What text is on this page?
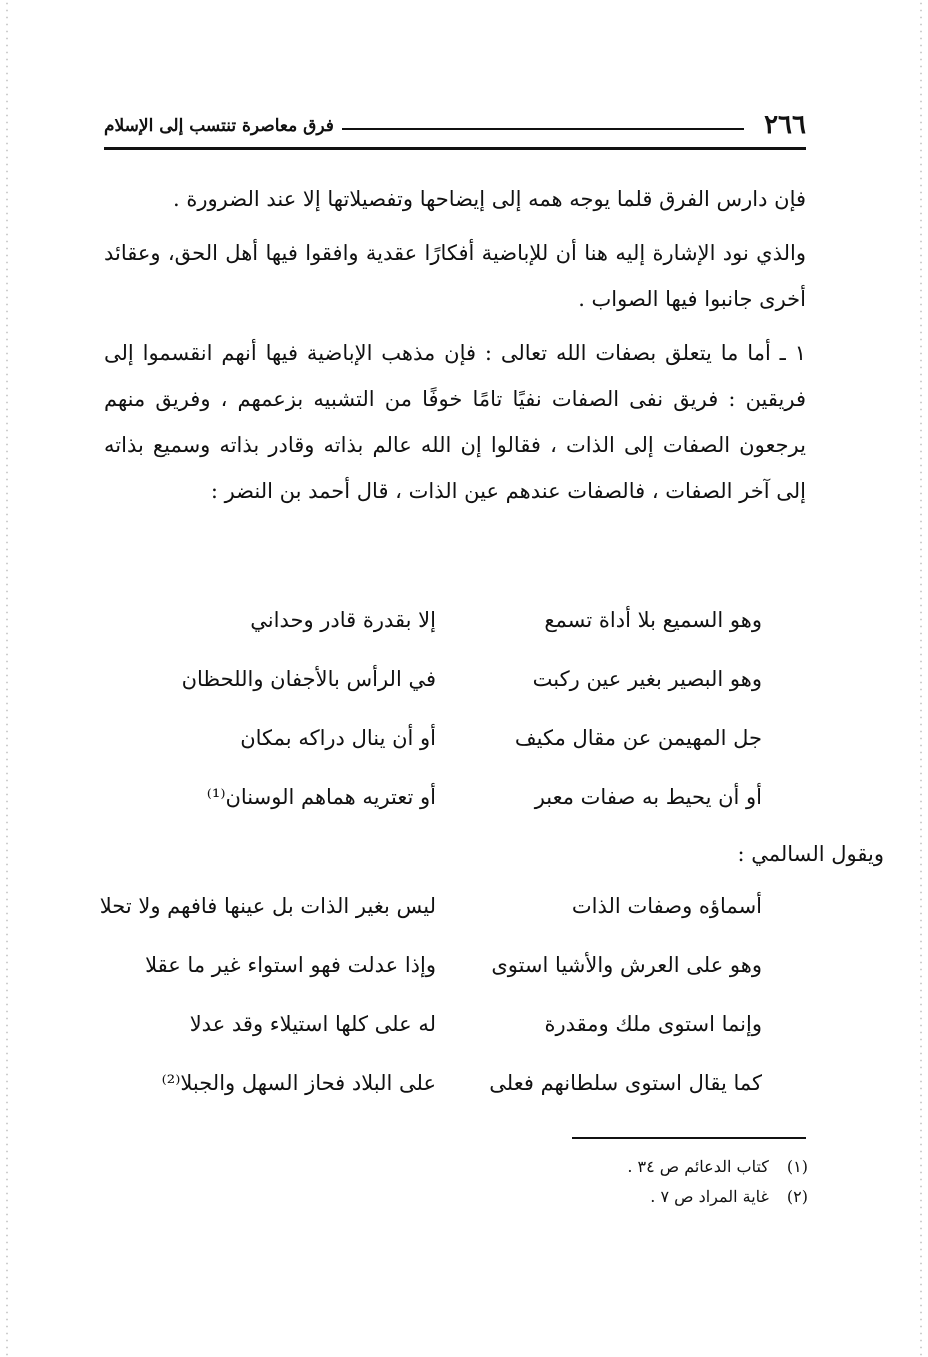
٢٦٦
فرق معاصرة تنتسب إلى الإسلام

فإن دارس الفرق قلما يوجه همه إلى إيضاحها وتفصيلاتها إلا عند الضرورة .

والذي نود الإشارة إليه هنا أن للإباضية أفكارًا عقدية وافقوا فيها أهل الحق، وعقائد أخرى جانبوا فيها الصواب .

١ ـ أما ما يتعلق بصفات الله تعالى : فإن مذهب الإباضية فيها أنهم انقسموا إلى فريقين : فريق نفى الصفات نفيًا تامًا خوفًا من التشبيه بزعمهم ، وفريق منهم يرجعون الصفات إلى الذات ، فقالوا إن الله عالم بذاته وقادر بذاته وسميع بذاته إلى آخر الصفات ، فالصفات عندهم عين الذات ، قال أحمد بن النضر :

وهو السميع بلا أداة تسمع
إلا بقدرة قادر وحداني
وهو البصير بغير عين ركبت
في الرأس بالأجفان واللحظان
جل المهيمن عن مقال مكيف
أو أن ينال دراكه بمكان
أو أن يحيط به صفات معبر
أو تعتريه هماهم الوسنان⁽¹⁾
ويقول السالمي :
أسماؤه وصفات الذات
ليس بغير الذات بل عينها فافهم ولا تحلا
وهو على العرش والأشيا استوى
وإذا عدلت فهو استواء غير ما عقلا
وإنما استوى ملك ومقدرة
له على كلها استيلاء وقد عدلا
كما يقال استوى سلطانهم فعلى
على البلاد فحاز السهل والجبلا⁽²⁾
(١) كتاب الدعائم ص ٣٤ .
(٢) غاية المراد ص ٧ .
